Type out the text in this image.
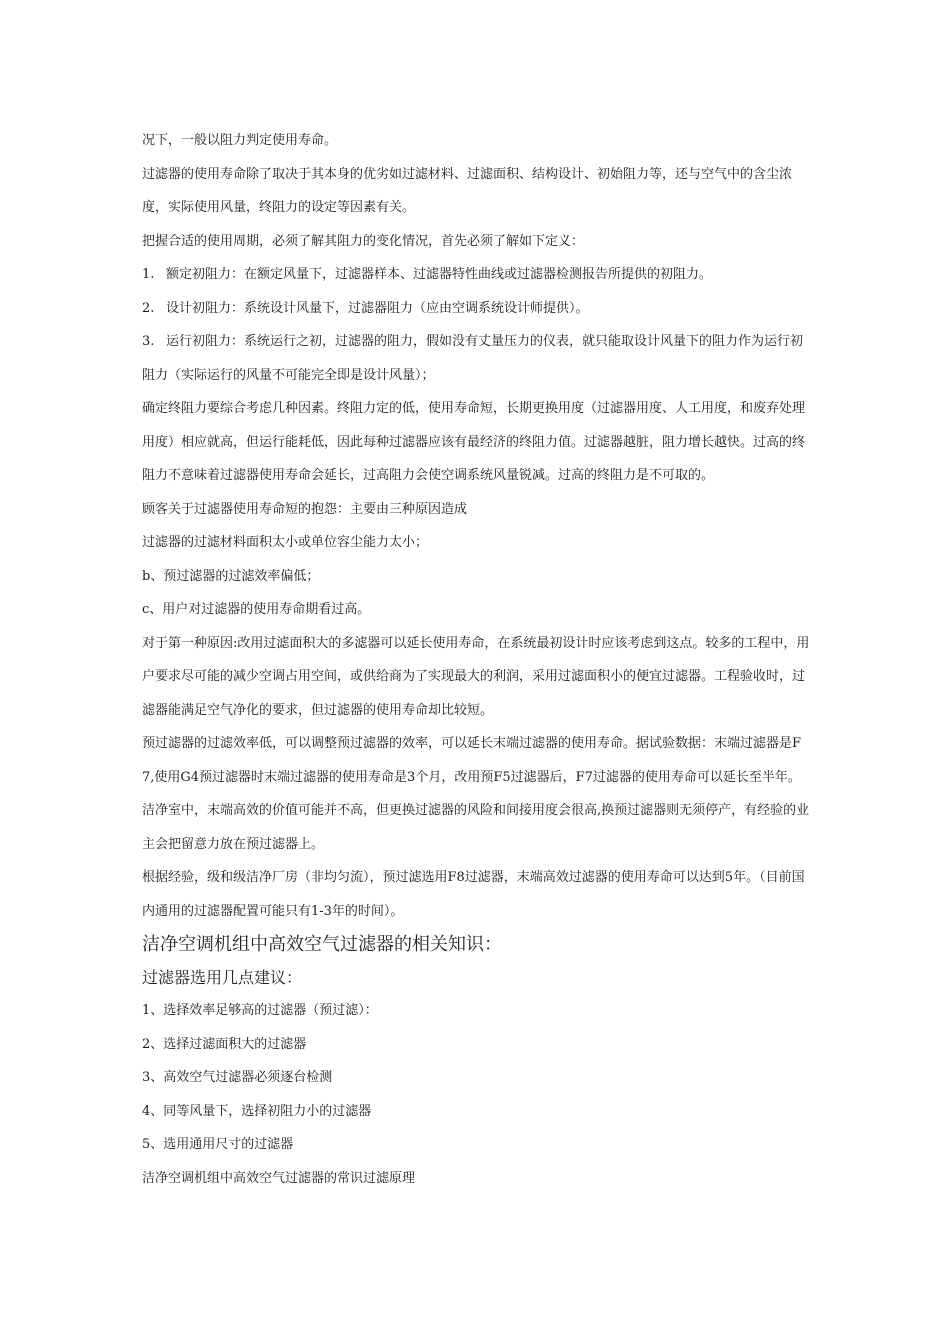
况下，一般以阻力判定使用寿命。

过滤器的使用寿命除了取决于其本身的优劣如过滤材料、过滤面积、结构设计、初始阻力等，还与空气中的含尘浓度，实际使用风量，终阻力的设定等因素有关。

把握合适的使用周期，必须了解其阻力的变化情况，首先必须了解如下定义：

1. 额定初阻力：在额定风量下，过滤器样本、过滤器特性曲线或过滤器检测报告所提供的初阻力。

2. 设计初阻力：系统设计风量下，过滤器阻力（应由空调系统设计师提供）。

3. 运行初阻力：系统运行之初，过滤器的阻力，假如没有丈量压力的仪表，就只能取设计风量下的阻力作为运行初阻力（实际运行的风量不可能完全即是设计风量）；

确定终阻力要综合考虑几种因素。终阻力定的低，使用寿命短，长期更换用度（过滤器用度、人工用度，和废弃处理用度）相应就高，但运行能耗低，因此每种过滤器应该有最经济的终阻力值。过滤器越脏，阻力增长越快。过高的终阻力不意味着过滤器使用寿命会延长，过高阻力会使空调系统风量锐减。过高的终阻力是不可取的。

顾客关于过滤器使用寿命短的抱怨：主要由三种原因造成

过滤器的过滤材料面积太小或单位容尘能力太小；

b、预过滤器的过滤效率偏低；

c、用户对过滤器的使用寿命期看过高。

对于第一种原因:改用过滤面积大的多滤器可以延长使用寿命，在系统最初设计时应该考虑到这点。较多的工程中，用户要求尽可能的减少空调占用空间，或供给商为了实现最大的利润，采用过滤面积小的便宜过滤器。工程验收时，过滤器能满足空气净化的要求，但过滤器的使用寿命却比较短。

预过滤器的过滤效率低，可以调整预过滤器的效率，可以延长末端过滤器的使用寿命。据试验数据：末端过滤器是F7,使用G4预过滤器时末端过滤器的使用寿命是3个月，改用预F5过滤器后，F7过滤器的使用寿命可以延长至半年。洁净室中，末端高效的价值可能并不高，但更换过滤器的风险和间接用度会很高,换预过滤器则无须停产，有经验的业主会把留意力放在预过滤器上。

根据经验，级和级洁净厂房（非均匀流），预过滤选用F8过滤器，末端高效过滤器的使用寿命可以达到5年。（目前国内通用的过滤器配置可能只有1-3年的时间）。

洁净空调机组中高效空气过滤器的相关知识：

过滤器选用几点建议：

1、选择效率足够高的过滤器（预过滤）：

2、选择过滤面积大的过滤器

3、高效空气过滤器必须逐台检测

4、同等风量下，选择初阻力小的过滤器

5、选用通用尺寸的过滤器

洁净空调机组中高效空气过滤器的常识过滤原理
